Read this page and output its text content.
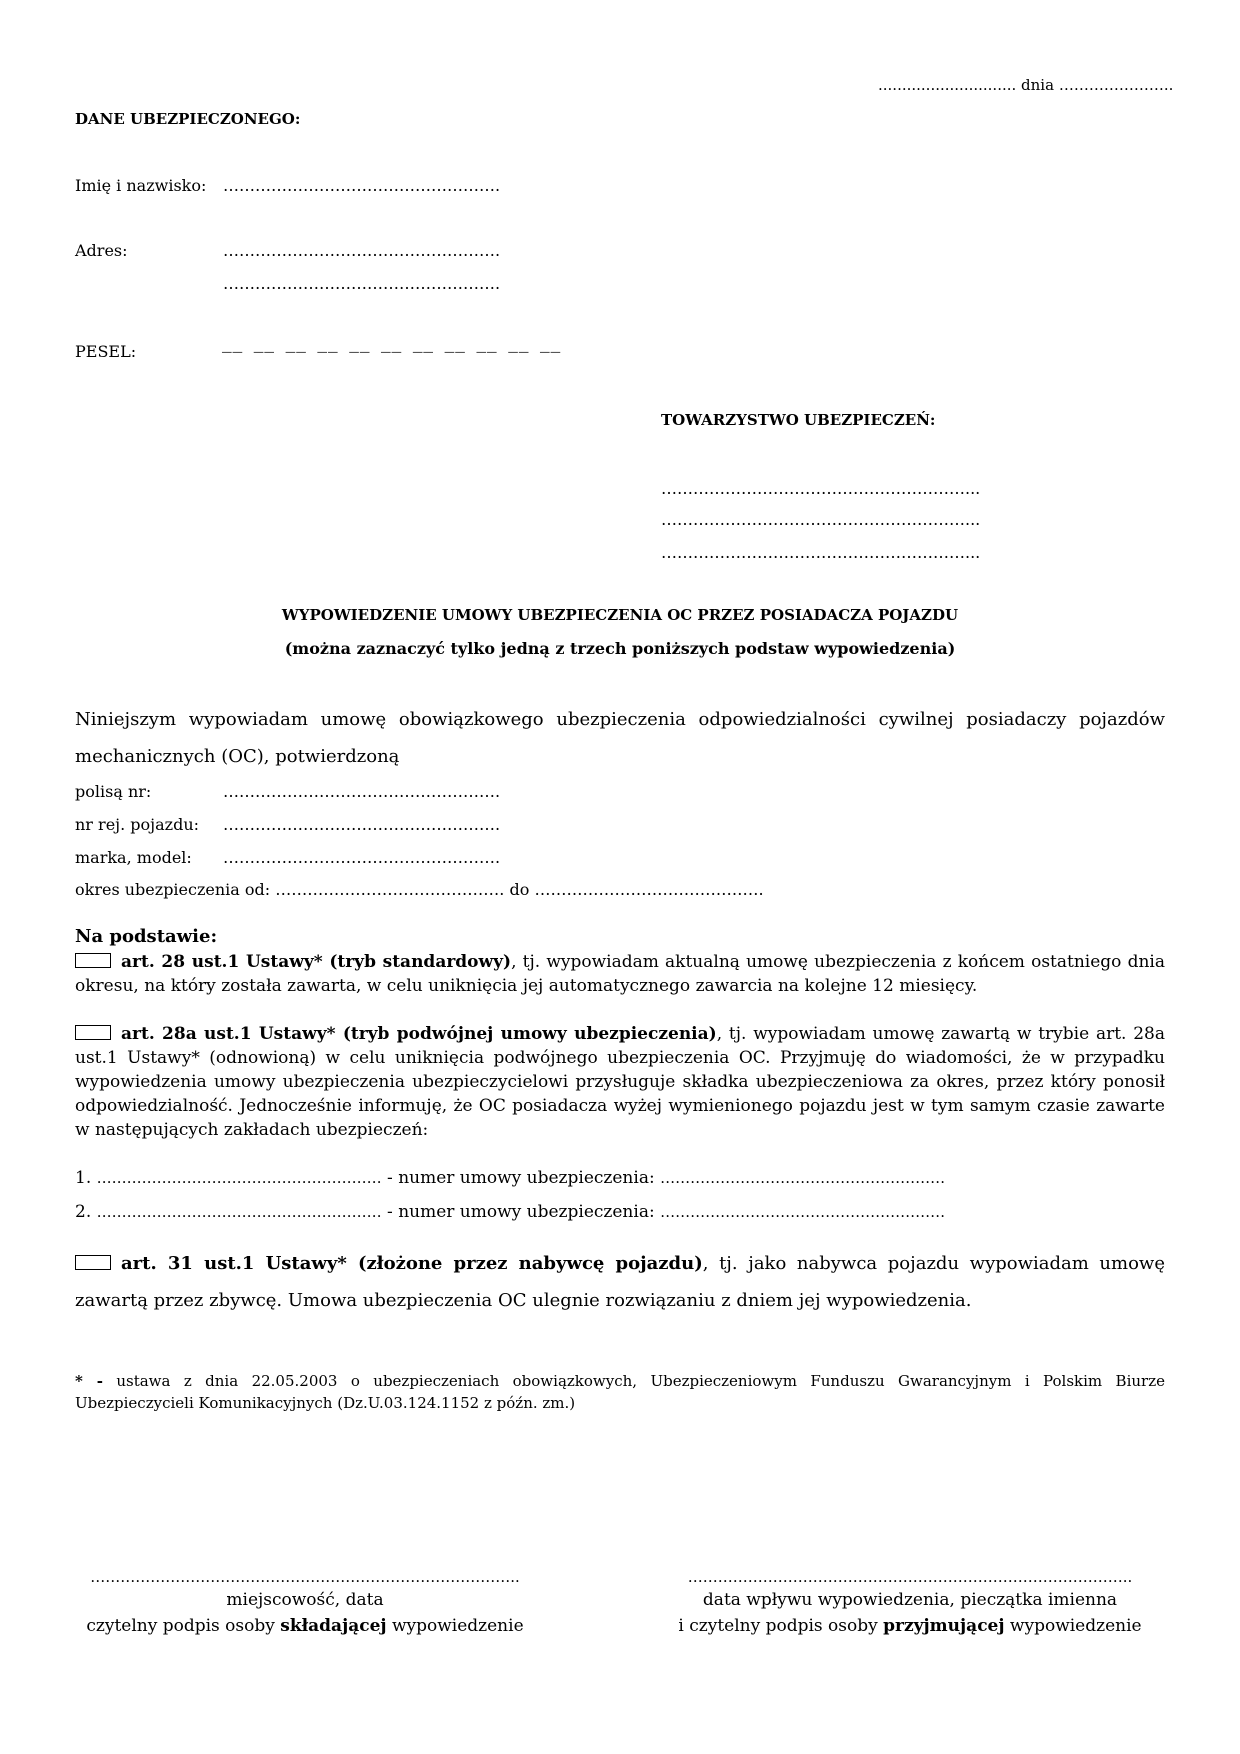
............................. dnia …………………..
DANE UBEZPIECZONEGO:
Imię i nazwisko: …………………………………………….
Adres:	…………………………………………….
…………………………………………….
PESEL:	__ __ __ __ __ __ __ __ __ __ __
TOWARZYSTWO UBEZPIECZEŃ:
…………………………………………………...
…………………………………………………...
…………………………………………………...
WYPOWIEDZENIE UMOWY UBEZPIECZENIA OC PRZEZ POSIADACZA POJAZDU
(można zaznaczyć tylko jedną z trzech poniższych podstaw wypowiedzenia)
Niniejszym wypowiadam umowę obowiązkowego ubezpieczenia odpowiedzialności cywilnej posiadaczy pojazdów mechanicznych (OC), potwierdzoną
polisą nr:	…………………………………………….
nr rej. pojazdu: …………………………………………….
marka, model: …………………………………………….
okres ubezpieczenia od: ……………………………………. do …………………………………….
Na podstawie:
art. 28 ust.1 Ustawy* (tryb standardowy), tj. wypowiadam aktualną umowę ubezpieczenia z końcem ostatniego dnia okresu, na który została zawarta, w celu uniknięcia jej automatycznego zawarcia na kolejne 12 miesięcy.
art. 28a ust.1 Ustawy* (tryb podwójnej umowy ubezpieczenia), tj. wypowiadam umowę zawartą w trybie art. 28a ust.1 Ustawy* (odnowioną) w celu uniknięcia podwójnego ubezpieczenia OC. Przyjmuję do wiadomości, że w przypadku wypowiedzenia umowy ubezpieczenia ubezpieczycielowi przysługuje składka ubezpieczeniowa za okres, przez który ponosił odpowiedzialność. Jednocześnie informuję, że OC posiadacza wyżej wymienionego pojazdu jest w tym samym czasie zawarte w następujących zakładach ubezpieczeń:
1. ………………………………………………… - numer umowy ubezpieczenia: …………………………………………………
2. ………………………………………………… - numer umowy ubezpieczenia: …………………………………………………
art. 31 ust.1 Ustawy* (złożone przez nabywcę pojazdu), tj. jako nabywca pojazdu wypowiadam umowę zawartą przez zbywcę. Umowa ubezpieczenia OC ulegnie rozwiązaniu z dniem jej wypowiedzenia.
* - ustawa z dnia 22.05.2003 o ubezpieczeniach obowiązkowych, Ubezpieczeniowym Funduszu Gwarancyjnym i Polskim Biurze Ubezpieczycieli Komunikacyjnych (Dz.U.03.124.1152 z późn. zm.)
…………………………………………………………………………..
miejscowość, data
czytelny podpis osoby składającej wypowiedzenie
……………………………………………………………………………..
data wpływu wypowiedzenia, pieczątka imienna
i czytelny podpis osoby przyjmującej wypowiedzenie
